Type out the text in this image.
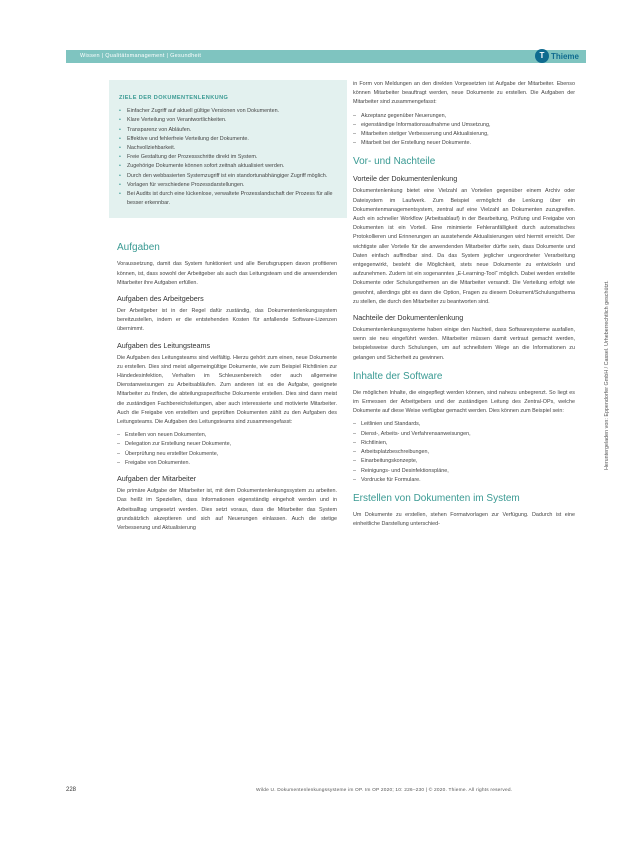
Wissen | Qualitätsmanagement | Gesundheit	T Thieme
ZIELE DER DOKUMENTENLENKUNG
• Einfacher Zugriff auf aktuell gültige Versionen von Dokumenten.
• Klare Verteilung von Verantwortlichkeiten.
• Transparenz von Abläufen.
• Effektive und fehlerfreie Verteilung der Dokumente.
• Nachvollziehbarkeit.
• Freie Gestaltung der Prozessschritte direkt im System.
• Zugehörige Dokumente können sofort zeitnah aktualisiert werden.
• Durch den webbasierten Systemzugriff ist ein standortunabhängiger Zugriff möglich.
• Vorlagen für verschiedene Prozessdarstellungen.
• Bei Audits ist durch eine lückenlose, verwaltete Prozesslandschaft der Prozess für alle besser erkennbar.
Aufgaben

Voraussetzung, damit das System funktioniert und alle Berufsgruppen davon profitieren können, ist, dass sowohl der Arbeitgeber als auch das Leitungsteam und die anwendenden Mitarbeiter ihre Aufgaben erfüllen.

Aufgaben des Arbeitgebers

Der Arbeitgeber ist in der Regel dafür zuständig, das Dokumentenlenkungssystem bereitzustellen, indem er die entstehenden Kosten für anfallende Software-Lizenzen übernimmt.

Aufgaben des Leitungsteams

Die Aufgaben des Leitungsteams sind vielfältig. Hierzu gehört zum einen, neue Dokumente zu erstellen. Dies sind meist allgemeingültige Dokumente, wie zum Beispiel Richtlinien zur Händedesinfektion, Verhalten im Schleusenbereich oder auch allgemeine Dienstanweisungen zu Arbeitsabläufen. Zum anderen ist es die Aufgabe, geeignete Mitarbeiter zu finden, die abteilungsspezifische Dokumente erstellen. Dies sind dann meist die zuständigen Fachbereichsleitungen, aber auch interessierte und motivierte Mitarbeiter. Auch die Freigabe von erstellten und geprüften Dokumenten zählt zu den Aufgaben des Leitungsteams. Die Aufgaben des Leitungsteams sind zusammengefasst:

– Erstellen von neuen Dokumenten,
– Delegation zur Erstellung neuer Dokumente,
– Überprüfung neu erstellter Dokumente,
– Freigabe von Dokumenten.
Aufgaben der Mitarbeiter

Die primäre Aufgabe der Mitarbeiter ist, mit dem Dokumentenlenkungssystem zu arbeiten. Das heißt im Speziellen, dass Informationen eigenständig eingeholt werden und in Arbeitsalltag umgesetzt werden. Dies setzt voraus, dass die Mitarbeiter das System grundsätzlich akzeptieren und sich auf Neuerungen einlassen. Auch die stetige Verbesserung und Aktualisierung

in Form von Meldungen an den direkten Vorgesetzten ist Aufgabe der Mitarbeiter. Ebenso können Mitarbeiter beauftragt werden, neue Dokumente zu erstellen. Die Aufgaben der Mitarbeiter sind zusammengefasst:

– Akzeptanz gegenüber Neuerungen,
– eigenständige Informationsaufnahme und Umsetzung,
– Mitarbeiten stetiger Verbesserung und Aktualisierung,
– Mitarbeit bei der Erstellung neuer Dokumente.
Vor- und Nachteile
Vorteile der Dokumentenlenkung

Dokumentenlenkung bietet eine Vielzahl an Vorteilen gegenüber einem Archiv oder Dateisystem im Laufwerk. Zum Beispiel ermöglicht die Lenkung über ein Dokumentenmanagementsystem, zentral auf eine Vielzahl an Dokumenten zuzugreifen. Auch ein schneller Workflow (Arbeitsablauf) in der Bearbeitung, Prüfung und Freigabe von Dokumenten ist ein Vorteil. Eine minimierte Fehleranfälligkeit durch automatisches Protokollieren und Erinnerungen an ausstehende Aktualisierungen wird hiermit erreicht. Der wichtigste aller Vorteile für die anwendenden Mitarbeiter dürfte sein, dass Dokumente und Daten einfach auffindbar sind. Da das System jeglicher ungeordneter Verarbeitung entgegenwirkt, besteht die Möglichkeit, stets neue Dokumente zu entwickeln und aufzunehmen. Zudem ist ein sogenanntes „E-Learning-Tool“ möglich. Dabei werden erstellte Dokumente oder Schulungsthemen an die Mitarbeiter versandt. Die Verteilung erfolgt wie gewohnt, allerdings gibt es dann die Option, Fragen zu diesem Dokument/Schulungsthema zu stellen, die durch den Mitarbeiter zu beantworten sind.

Nachteile der Dokumentenlenkung

Dokumentenlenkungssysteme haben einige den Nachteil, dass Softwaresysteme ausfallen, wenn sie neu eingeführt werden. Mitarbeiter müssen damit vertraut gemacht werden, beispielsweise durch Schulungen, um auf schnellstem Wege an die Informationen zu gelangen und Sicherheit zu gewinnen.

Inhalte der Software

Die möglichen Inhalte, die eingepflegt werden können, sind nahezu unbegrenzt. So liegt es im Ermessen der Arbeitgebers und der zuständigen Leitung des Zentral-OPs, welche Dokumente auf diese Weise verfügbar gemacht werden. Dies können zum Beispiel sein:

– Leitlinien und Standards,
– Dienst-, Arbeits- und Verfahrensanweisungen,
– Richtlinien,
– Arbeitsplatzbeschreibungen,
– Einarbeitungskonzepte,
– Reinigungs- und Desinfektionspläne,
– Vordrucke für Formulare.
Erstellen von Dokumenten im System

Um Dokumente zu erstellen, stehen Formatvorlagen zur Verfügung. Dadurch ist eine einheitliche Darstellung unterschied-

Heruntergeladen von: Eppendorfer GmbH / Cassel. Urheberrechtlich geschützt.
228	Wilde U. Dokumentenlenkungssysteme im OP. Im OP 2020; 10: 226–230 | © 2020. Thieme. All rights reserved.
